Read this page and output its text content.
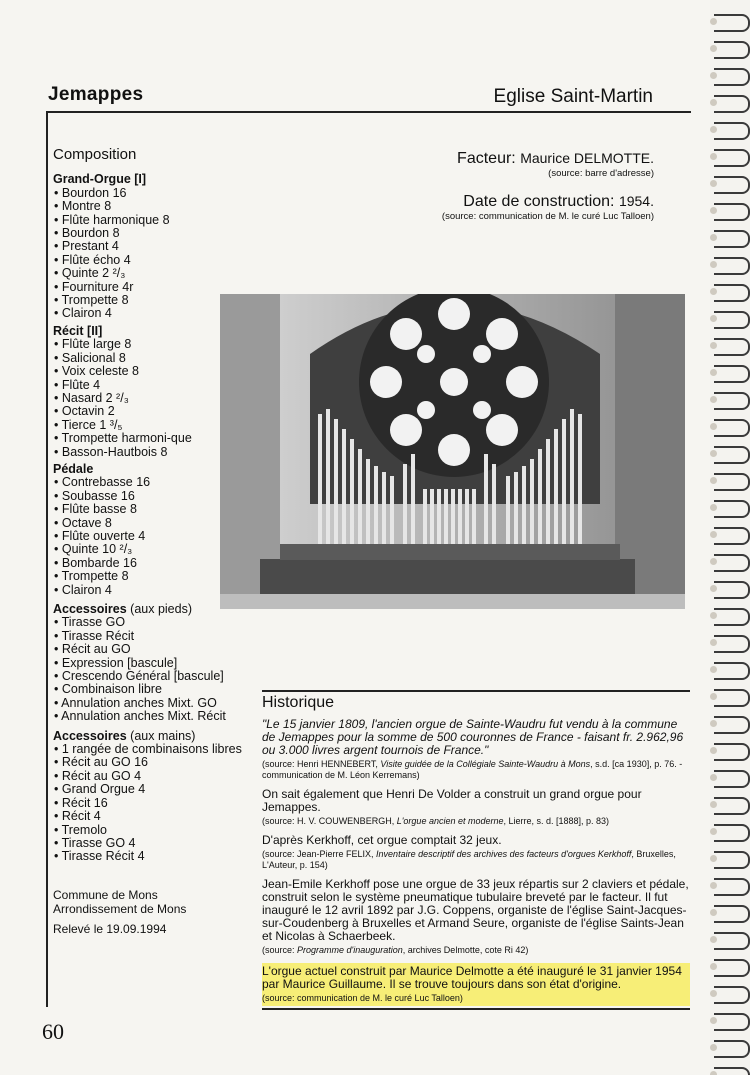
Jemappes	Eglise Saint-Martin
Composition
Grand-Orgue [I]
• Bourdon 16
• Montre 8
• Flûte harmonique 8
• Bourdon 8
• Prestant 4
• Flûte écho 4
• Quinte 2 ²/₃
• Fourniture 4r
• Trompette 8
• Clairon 4
Récit [II]
• Flûte large 8
• Salicional 8
• Voix celeste 8
• Flûte 4
• Nasard 2 ²/₃
• Octavin 2
• Tierce 1 ³/₅
• Trompette harmoni-que
• Basson-Hautbois 8
Pédale
• Contrebasse 16
• Soubasse 16
• Flûte basse 8
• Octave 8
• Flûte ouverte 4
• Quinte 10 ²/₃
• Bombarde 16
• Trompette 8
• Clairon 4
Accessoires (aux pieds)
• Tirasse GO
• Tirasse Récit
• Récit au GO
• Expression [bascule]
• Crescendo Général [bascule]
• Combinaison libre
• Annulation anches Mixt. GO
• Annulation anches Mixt. Récit
Accessoires (aux mains)
• 1 rangée de combinaisons libres
• Récit au GO 16
• Récit au GO 4
• Grand Orgue 4
• Récit 16
• Récit 4
• Tremolo
• Tirasse GO 4
• Tirasse Récit 4
Commune de Mons
Arrondissement de Mons
Relevé le 19.09.1994
Facteur: Maurice DELMOTTE.
(source: barre d'adresse)
Date de construction: 1954.
(source: communication de M. le curé Luc Talloen)
Historique

"Le 15 janvier 1809, l'ancien orgue de Sainte-Waudru fut vendu à la commune de Jemappes pour la somme de 500 couronnes de France - faisant fr. 2.962,96 ou 3.000 livres argent tournois de France."

(source: Henri HENNEBERT, Visite guidée de la Collégiale Sainte-Waudru à Mons, s.d. [ca 1930], p. 76. - communication de M. Léon Kerremans)

On sait également que Henri De Volder a construit un grand orgue pour Jemappes.

(source: H. V. COUWENBERGH, L'orgue ancien et moderne, Lierre, s. d. [1888], p. 83)

D'après Kerkhoff, cet orgue comptait 32 jeux.

(source: Jean-Pierre FELIX, Inventaire descriptif des archives des facteurs d'orgues Kerkhoff, Bruxelles, L'Auteur, p. 154)

Jean-Emile Kerkhoff pose une orgue de 33 jeux répartis sur 2 claviers et pédale, construit selon le système pneumatique tubulaire breveté par le facteur. Il fut inauguré le 12 avril 1892 par J.G. Coppens, organiste de l'église Saint-Jacques-sur-Coudenberg à Bruxelles et Armand Seure, organiste de l'église Saints-Jean et Nicolas à Schaerbeek.

(source: Programme d'inauguration, archives Delmotte, cote Ri 42)

L'orgue actuel construit par Maurice Delmotte a été inauguré le 31 janvier 1954 par Maurice Guillaume. Il se trouve toujours dans son état d'origine.

(source: communication de M. le curé Luc Talloen)
60
